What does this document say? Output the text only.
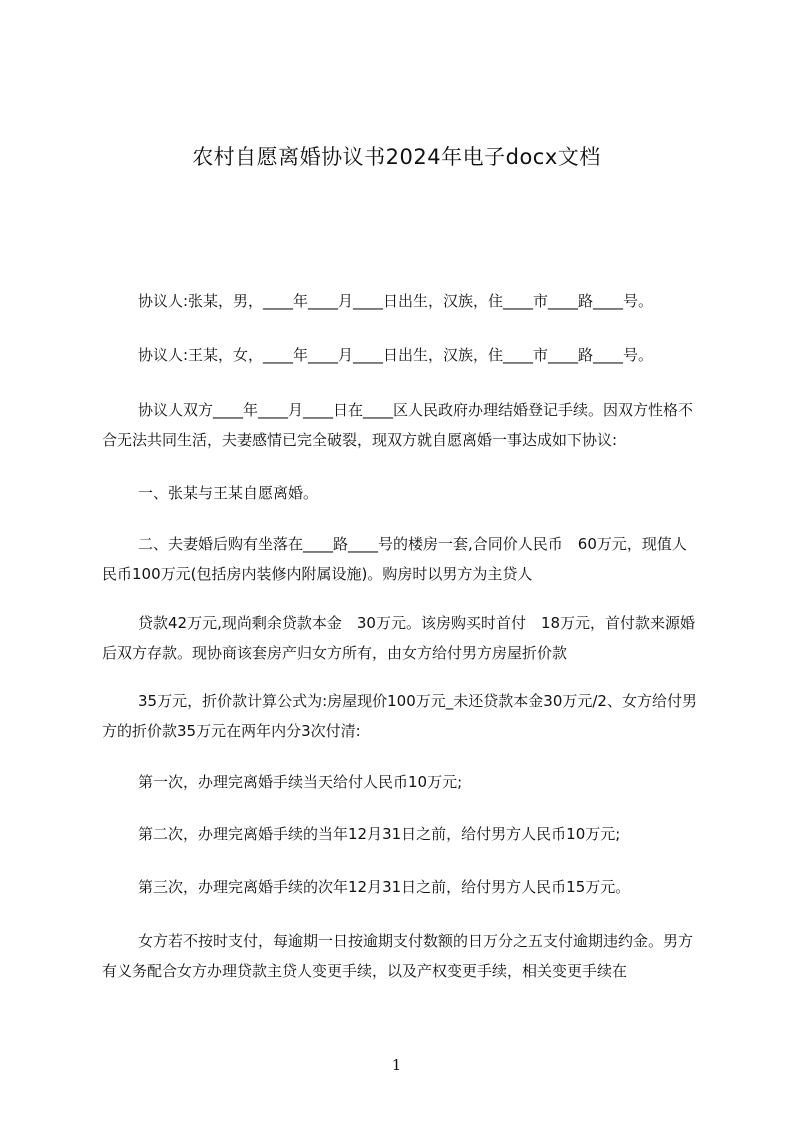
农村自愿离婚协议书2024年电子docx文档

协议人:张某，男，____年____月____日出生，汉族，住____市____路____号。

协议人:王某，女，____年____月____日出生，汉族，住____市____路____号。

协议人双方____年____月____日在____区人民政府办理结婚登记手续。因双方性格不合无法共同生活，夫妻感情已完全破裂，现双方就自愿离婚一事达成如下协议:

一、张某与王某自愿离婚。

二、夫妻婚后购有坐落在____路____号的楼房一套,合同价人民币　60万元，现值人民币100万元(包括房内装修内附属设施)。购房时以男方为主贷人

贷款42万元,现尚剩余贷款本金　30万元。该房购买时首付　18万元，首付款来源婚后双方存款。现协商该套房产归女方所有，由女方给付男方房屋折价款

35万元，折价款计算公式为:房屋现价100万元_未还贷款本金30万元/2、女方给付男方的折价款35万元在两年内分3次付清:

第一次，办理完离婚手续当天给付人民币10万元;

第二次，办理完离婚手续的当年12月31日之前，给付男方人民币10万元;

第三次，办理完离婚手续的次年12月31日之前，给付男方人民币15万元。

女方若不按时支付，每逾期一日按逾期支付数额的日万分之五支付逾期违约金。男方有义务配合女方办理贷款主贷人变更手续，以及产权变更手续，相关变更手续在

1
